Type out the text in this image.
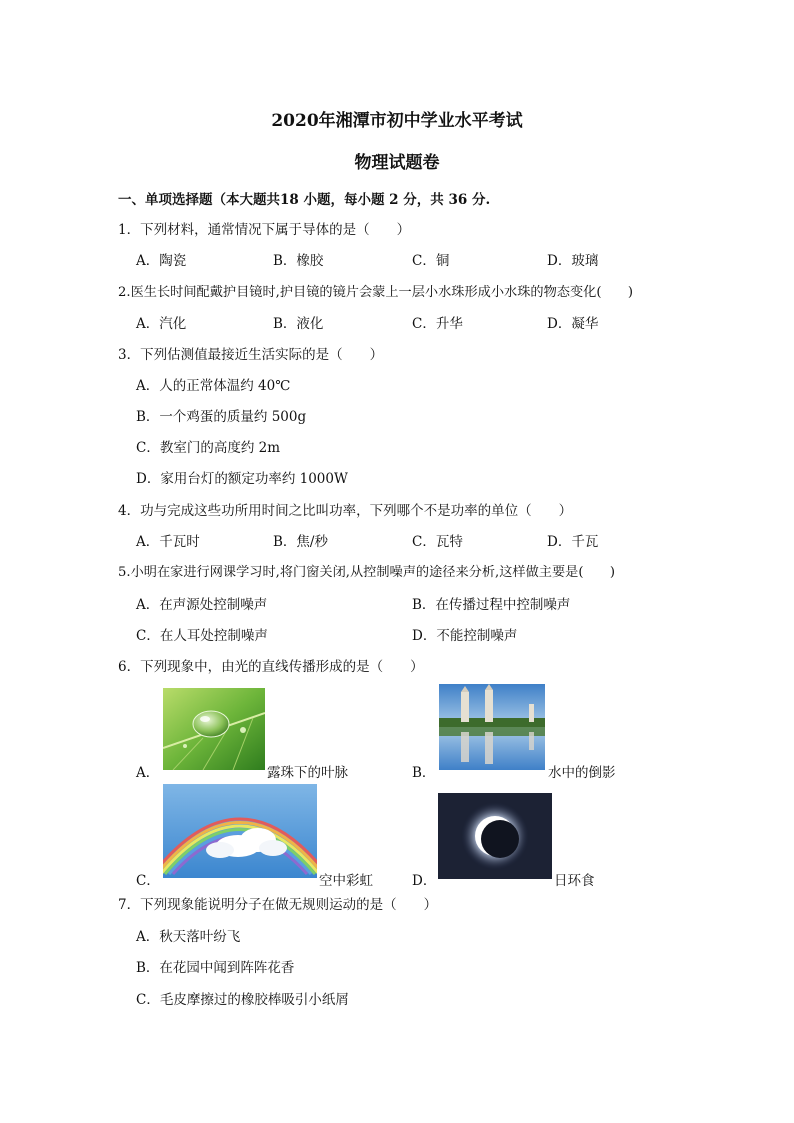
2020年湘潭市初中学业水平考试
物理试题卷
一、单项选择题（本大题共18 小题，每小题 2 分，共 36 分.
1．下列材料，通常情况下属于导体的是（　　）
A．陶瓷	B．橡胶	C．铜	D．玻璃
2.医生长时间配戴护目镜时,护目镜的镜片会蒙上一层小水珠形成小水珠的物态变化(　　)
A．汽化	B．液化	C．升华	D．凝华
3．下列估测值最接近生活实际的是（　　）
A．人的正常体温约 40℃
B．一个鸡蛋的质量约 500g
C．教室门的高度约 2m
D．家用台灯的额定功率约 1000W
4．功与完成这些功所用时间之比叫功率，下列哪个不是功率的单位（　　）
A．千瓦时	B．焦/秒	C．瓦特	D．千瓦
5.小明在家进行网课学习时,将门窗关闭,从控制噪声的途径来分析,这样做主要是(　　)
A．在声源处控制噪声	B．在传播过程中控制噪声
C．在人耳处控制噪声	D．不能控制噪声
6．下列现象中，由光的直线传播形成的是（　　）
A．	露珠下的叶脉	B．	水中的倒影
C．	空中彩虹	D．	日环食
7．下列现象能说明分子在做无规则运动的是（　　）
A．秋天落叶纷飞
B．在花园中闻到阵阵花香
C．毛皮摩擦过的橡胶棒吸引小纸屑
